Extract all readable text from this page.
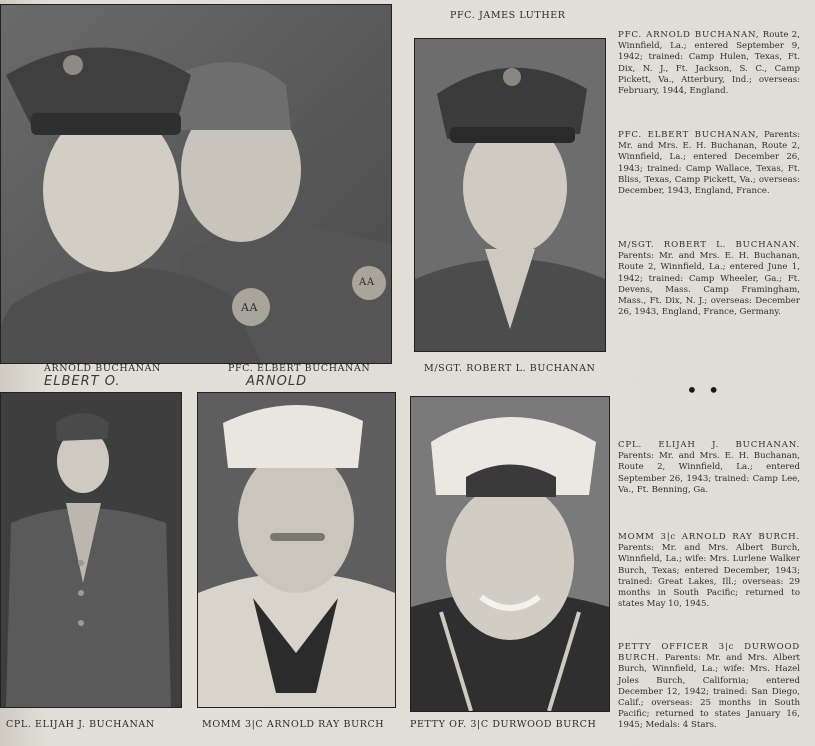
PFC. JAMES LUTHER
AA
AA
ARNOLD BUCHANAN	PFC. ELBERT BUCHANAN
ELBERT O.	ARNOLD
M/SGT. ROBERT L. BUCHANAN
CPL. ELIJAH J. BUCHANAN	MOMM 3|C ARNOLD RAY BURCH	PETTY OF. 3|C DURWOOD BURCH
••
PFC. ARNOLD BUCHANAN, Route 2, Winnfield, La.; entered September 9, 1942; trained: Camp Hulen, Texas, Ft. Dix, N. J., Ft. Jackson, S. C., Camp Pickett, Va., Atterbury, Ind.; overseas: February, 1944, England.
PFC. ELBERT BUCHANAN, Parents: Mr. and Mrs. E. H. Buchanan, Route 2, Winnfield, La.; entered December 26, 1943; trained: Camp Wallace, Texas, Ft. Bliss, Texas, Camp Pickett, Va.; overseas: December, 1943, England, France.
M/SGT. ROBERT L. BUCHANAN. Parents: Mr. and Mrs. E. H. Buchanan, Route 2, Winnfield, La.; entered June 1, 1942; trained: Camp Wheeler, Ga.; Ft. Devens, Mass. Camp Framingham, Mass., Ft. Dix, N. J.; overseas: December 26, 1943, England, France, Germany.
CPL. ELIJAH J. BUCHANAN. Parents: Mr. and Mrs. E. H. Buchanan, Route 2, Winnfield, La.; entered September 26, 1943; trained: Camp Lee, Va., Ft. Benning, Ga.
MOMM 3|c ARNOLD RAY BURCH. Parents: Mr. and Mrs. Albert Burch, Winnfield, La.; wife: Mrs. Lurlene Walker Burch, Texas; entered December, 1943; trained: Great Lakes, Ill.; overseas: 29 months in South Pacific; returned to states May 10, 1945.
PETTY OFFICER 3|c DURWOOD BURCH. Parents: Mr. and Mrs. Albert Burch, Winnfield, La.; wife: Mrs. Hazel Joles Burch, California; entered December 12, 1942; trained: San Diego, Calif.; overseas: 25 months in South Pacific; returned to states January 16, 1945; Medals: 4 Stars.
